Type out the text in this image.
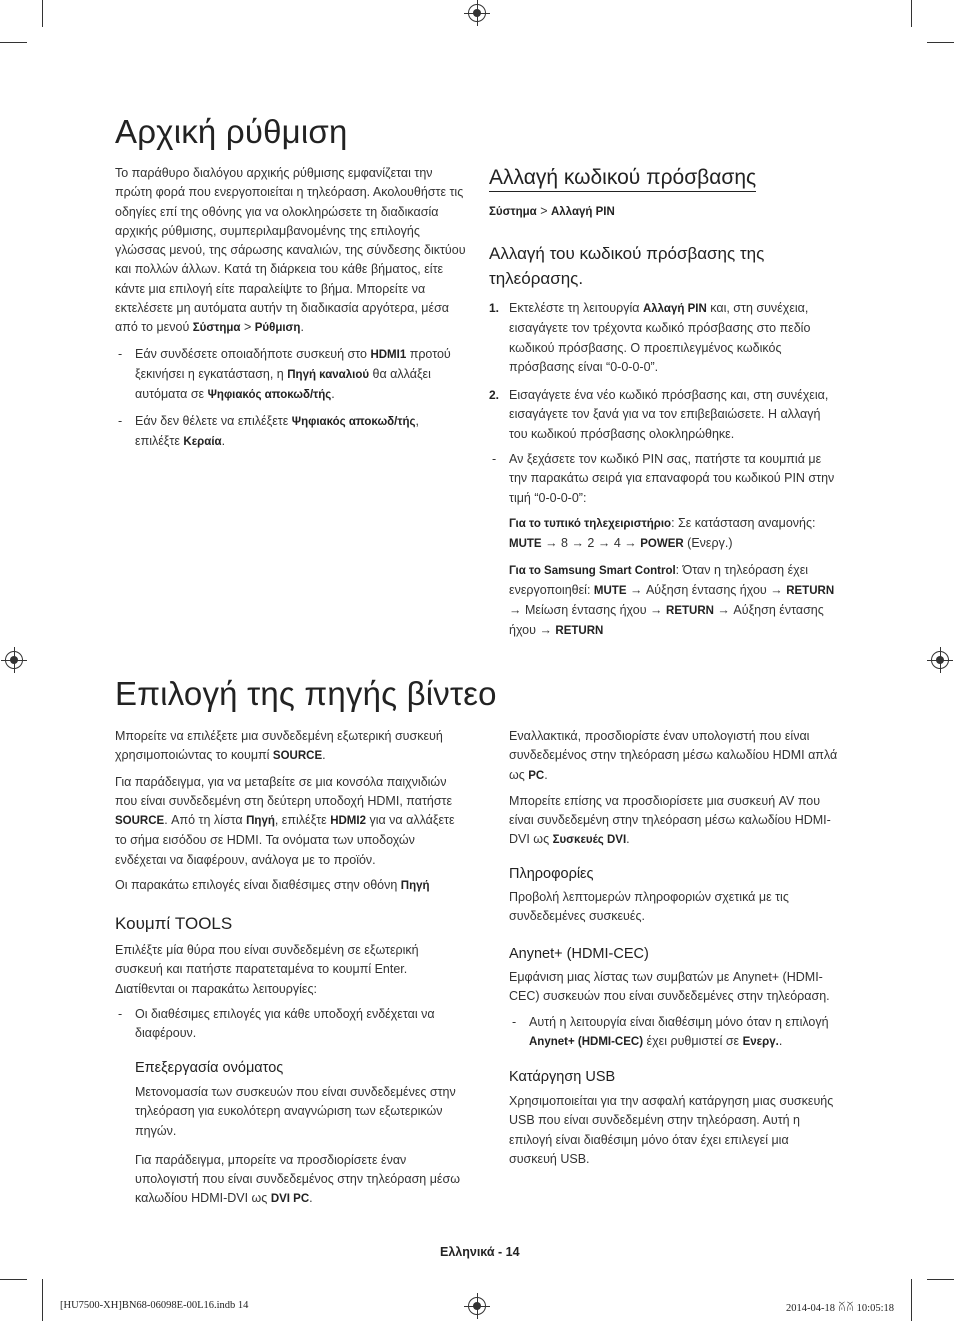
Αρχική ρύθμιση

Το παράθυρο διαλόγου αρχικής ρύθμισης εμφανίζεται την πρώτη φορά που ενεργοποιείται η τηλεόραση. Ακολουθήστε τις οδηγίες επί της οθόνης για να ολοκληρώσετε τη διαδικασία αρχικής ρύθμισης, συμπεριλαμβανομένης της επιλογής γλώσσας μενού, της σάρωσης καναλιών, της σύνδεσης δικτύου και πολλών άλλων. Κατά τη διάρκεια του κάθε βήματος, είτε κάντε μια επιλογή είτε παραλείψτε το βήμα. Μπορείτε να εκτελέσετε μη αυτόματα αυτήν τη διαδικασία αργότερα, μέσα από το μενού Σύστημα > Ρύθμιση.

- Εάν συνδέσετε οποιαδήποτε συσκευή στο HDMI1 προτού ξεκινήσει η εγκατάσταση, η Πηγή καναλιού θα αλλάξει αυτόματα σε Ψηφιακός αποκωδ/τής.

- Εάν δεν θέλετε να επιλέξετε Ψηφιακός αποκωδ/τής, επιλέξτε Κεραία.

Αλλαγή κωδικού πρόσβασης

Σύστημα > Αλλαγή PIN

Αλλαγή του κωδικού πρόσβασης της τηλεόρασης.

1. Εκτελέστε τη λειτουργία Αλλαγή PIN και, στη συνέχεια, εισαγάγετε τον τρέχοντα κωδικό πρόσβασης στο πεδίο κωδικού πρόσβασης. Ο προεπιλεγμένος κωδικός πρόσβασης είναι “0-0-0-0”.

2. Εισαγάγετε ένα νέο κωδικό πρόσβασης και, στη συνέχεια, εισαγάγετε τον ξανά για να τον επιβεβαιώσετε. Η αλλαγή του κωδικού πρόσβασης ολοκληρώθηκε.

- Αν ξεχάσετε τον κωδικό PIN σας, πατήστε τα κουμπιά με την παρακάτω σειρά για επαναφορά του κωδικού PIN στην τιμή “0-0-0-0”:

Για το τυπικό τηλεχειριστήριο: Σε κατάσταση αναμονής:
MUTE → 8 → 2 → 4 → POWER (Ενεργ.)

Για το Samsung Smart Control: Όταν η τηλεόραση έχει ενεργοποιηθεί: MUTE → Αύξηση έντασης ήχου → RETURN → Μείωση έντασης ήχου → RETURN → Αύξηση έντασης ήχου → RETURN

Επιλογή της πηγής βίντεο

Μπορείτε να επιλέξετε μια συνδεδεμένη εξωτερική συσκευή χρησιμοποιώντας το κουμπί SOURCE.

Για παράδειγμα, για να μεταβείτε σε μια κονσόλα παιχνιδιών που είναι συνδεδεμένη στη δεύτερη υποδοχή HDMI, πατήστε SOURCE. Από τη λίστα Πηγή, επιλέξτε HDMI2 για να αλλάξετε το σήμα εισόδου σε HDMI. Τα ονόματα των υποδοχών ενδέχεται να διαφέρουν, ανάλογα με το προϊόν.

Οι παρακάτω επιλογές είναι διαθέσιμες στην οθόνη Πηγή

Κουμπί TOOLS

Επιλέξτε μία θύρα που είναι συνδεδεμένη σε εξωτερική συσκευή και πατήστε παρατεταμένα το κουμπί Enter. Διατίθενται οι παρακάτω λειτουργίες:

- Οι διαθέσιμες επιλογές για κάθε υποδοχή ενδέχεται να διαφέρουν.

Επεξεργασία ονόματος

Μετονομασία των συσκευών που είναι συνδεδεμένες στην τηλεόραση για ευκολότερη αναγνώριση των εξωτερικών πηγών.

Για παράδειγμα, μπορείτε να προσδιορίσετε έναν υπολογιστή που είναι συνδεδεμένος στην τηλεόραση μέσω καλωδίου HDMI-DVI ως DVI PC.

Εναλλακτικά, προσδιορίστε έναν υπολογιστή που είναι συνδεδεμένος στην τηλεόραση μέσω καλωδίου HDMI απλά ως PC.

Μπορείτε επίσης να προσδιορίσετε μια συσκευή AV που είναι συνδεδεμένη στην τηλεόραση μέσω καλωδίου HDMI-DVI ως Συσκευές DVI.

Πληροφορίες

Προβολή λεπτομερών πληροφοριών σχετικά με τις συνδεδεμένες συσκευές.

Anynet+ (HDMI-CEC)

Εμφάνιση μιας λίστας των συμβατών με Anynet+ (HDMI-CEC) συσκευών που είναι συνδεδεμένες στην τηλεόραση.

- Αυτή η λειτουργία είναι διαθέσιμη μόνο όταν η επιλογή Anynet+ (HDMI-CEC) έχει ρυθμιστεί σε Ενεργ..

Κατάργηση USB

Χρησιμοποιείται για την ασφαλή κατάργηση μιας συσκευής USB που είναι συνδεδεμένη στην τηλεόραση. Αυτή η επιλογή είναι διαθέσιμη μόνο όταν έχει επιλεγεί μια συσκευή USB.

Ελληνικά - 14
[HU7500-XH]BN68-06098E-00L16.indb 14	2014-04-18 ꊼꊼ 10:05:18
